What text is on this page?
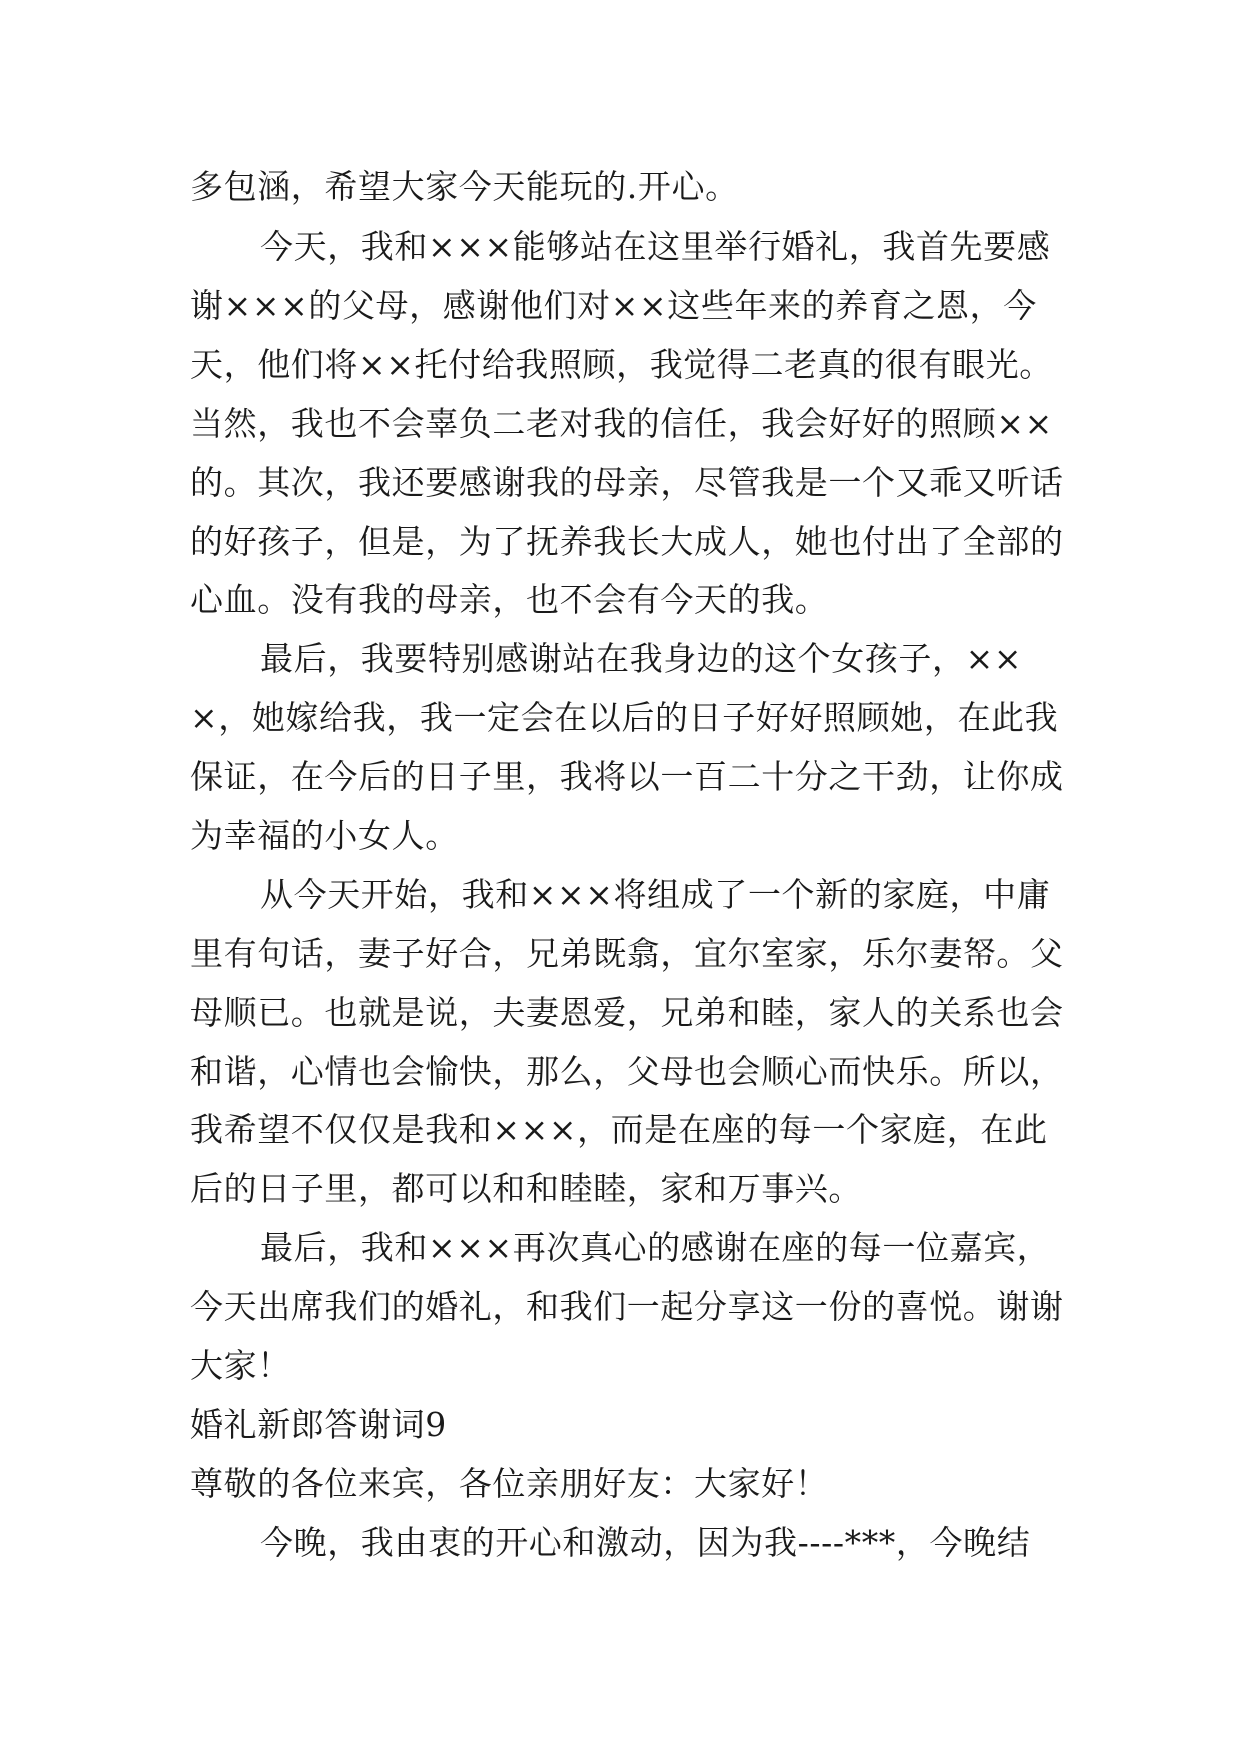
多包涵，希望大家今天能玩的.开心。

今天，我和×××能够站在这里举行婚礼，我首先要感

谢×××的父母，感谢他们对××这些年来的养育之恩，今

天，他们将××托付给我照顾，我觉得二老真的很有眼光。

当然，我也不会辜负二老对我的信任，我会好好的照顾××

的。其次，我还要感谢我的母亲，尽管我是一个又乖又听话

的好孩子，但是，为了抚养我长大成人，她也付出了全部的

心血。没有我的母亲，也不会有今天的我。

最后，我要特别感谢站在我身边的这个女孩子，××

×，她嫁给我，我一定会在以后的日子好好照顾她，在此我

保证，在今后的日子里，我将以一百二十分之干劲，让你成

为幸福的小女人。

从今天开始，我和×××将组成了一个新的家庭，中庸

里有句话，妻子好合，兄弟既翕，宜尔室家，乐尔妻帑。父

母顺已。也就是说，夫妻恩爱，兄弟和睦，家人的关系也会

和谐，心情也会愉快，那么，父母也会顺心而快乐。所以，

我希望不仅仅是我和×××，而是在座的每一个家庭，在此

后的日子里，都可以和和睦睦，家和万事兴。

最后，我和×××再次真心的感谢在座的每一位嘉宾，

今天出席我们的婚礼，和我们一起分享这一份的喜悦。谢谢

大家！

婚礼新郎答谢词9

尊敬的各位来宾，各位亲朋好友：大家好！

今晚，我由衷的开心和激动，因为我----***，今晚结
